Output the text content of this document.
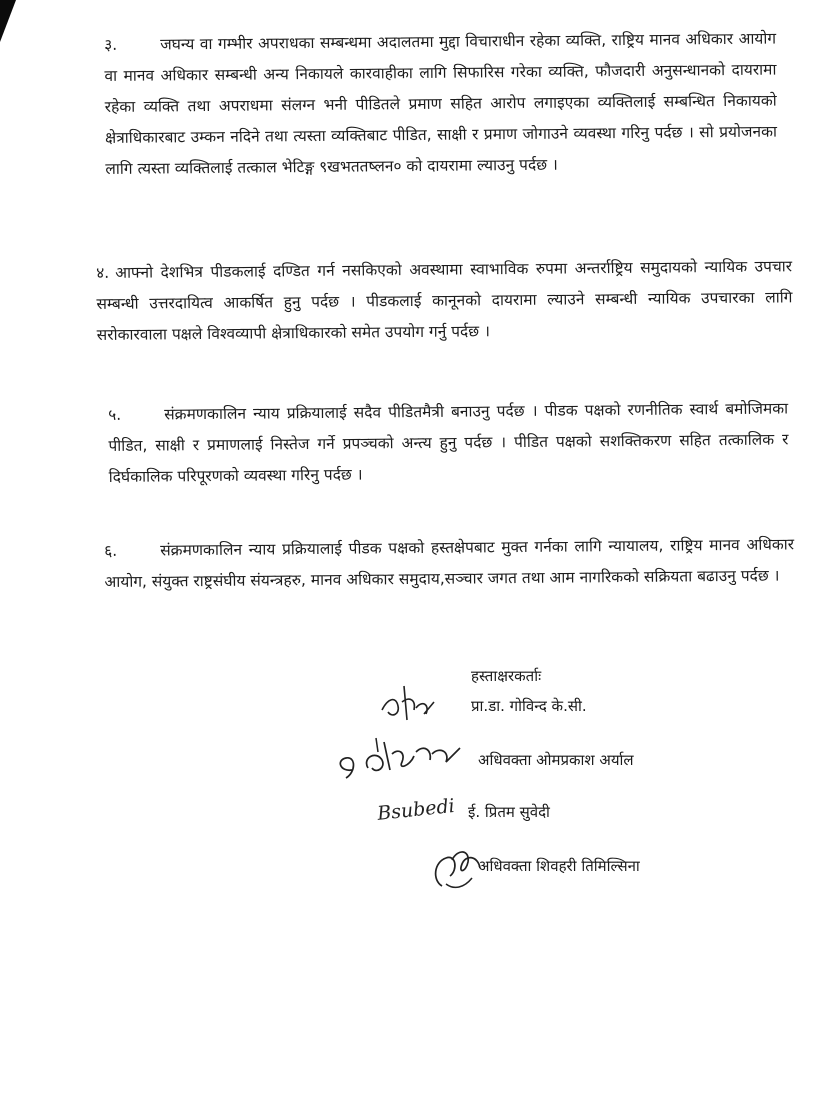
३.	जघन्य वा गम्भीर अपराधका सम्बन्धमा अदालतमा मुद्दा विचाराधीन रहेका व्यक्ति, राष्ट्रिय मानव अधिकार आयोग वा मानव अधिकार सम्बन्धी अन्य निकायले कारवाहीका लागि सिफारिस गरेका व्यक्ति, फौजदारी अनुसन्धानको दायरामा रहेका व्यक्ति तथा अपराधमा संलग्न भनी पीडितले प्रमाण सहित आरोप लगाइएका व्यक्तिलाई सम्बन्धित निकायको क्षेत्राधिकारबाट उम्कन नदिने तथा त्यस्ता व्यक्तिबाट पीडित, साक्षी र प्रमाण जोगाउने व्यवस्था गरिनु पर्दछ । सो प्रयोजनका लागि त्यस्ता व्यक्तिलाई तत्काल भेटिङ्ग ९खभततष्लन० को दायरामा ल्याउनु पर्दछ ।

४. आफ्नो देशभित्र पीडकलाई दण्डित गर्न नसकिएको अवस्थामा स्वाभाविक रुपमा अन्तर्राष्ट्रिय समुदायको न्यायिक उपचार सम्बन्धी उत्तरदायित्व आकर्षित हुनु पर्दछ । पीडकलाई कानूनको दायरामा ल्याउने सम्बन्धी न्यायिक उपचारका लागि सरोकारवाला पक्षले विश्वव्यापी क्षेत्राधिकारको समेत उपयोग गर्नु पर्दछ ।

५.	संक्रमणकालिन न्याय प्रक्रियालाई सदैव पीडितमैत्री बनाउनु पर्दछ । पीडक पक्षको रणनीतिक स्वार्थ बमोजिमका पीडित, साक्षी र प्रमाणलाई निस्तेज गर्ने प्रपञ्चको अन्त्य हुनु पर्दछ । पीडित पक्षको सशक्तिकरण सहित तत्कालिक र दिर्घकालिक परिपूरणको व्यवस्था गरिनु पर्दछ ।

६.	संक्रमणकालिन न्याय प्रक्रियालाई पीडक पक्षको हस्तक्षेपबाट मुक्त गर्नका लागि न्यायालय, राष्ट्रिय मानव अधिकार आयोग, संयुक्त राष्ट्रसंघीय संयन्त्रहरु, मानव अधिकार समुदाय,सञ्चार जगत तथा आम नागरिकको सक्रियता बढाउनु पर्दछ ।

हस्ताक्षरकर्ताः
प्रा.डा. गोविन्द के.सी.
अधिवक्ता ओमप्रकाश अर्याल
ई. प्रितम सुवेदी
अधिवक्ता शिवहरी तिमिल्सिना
Bsubedi
